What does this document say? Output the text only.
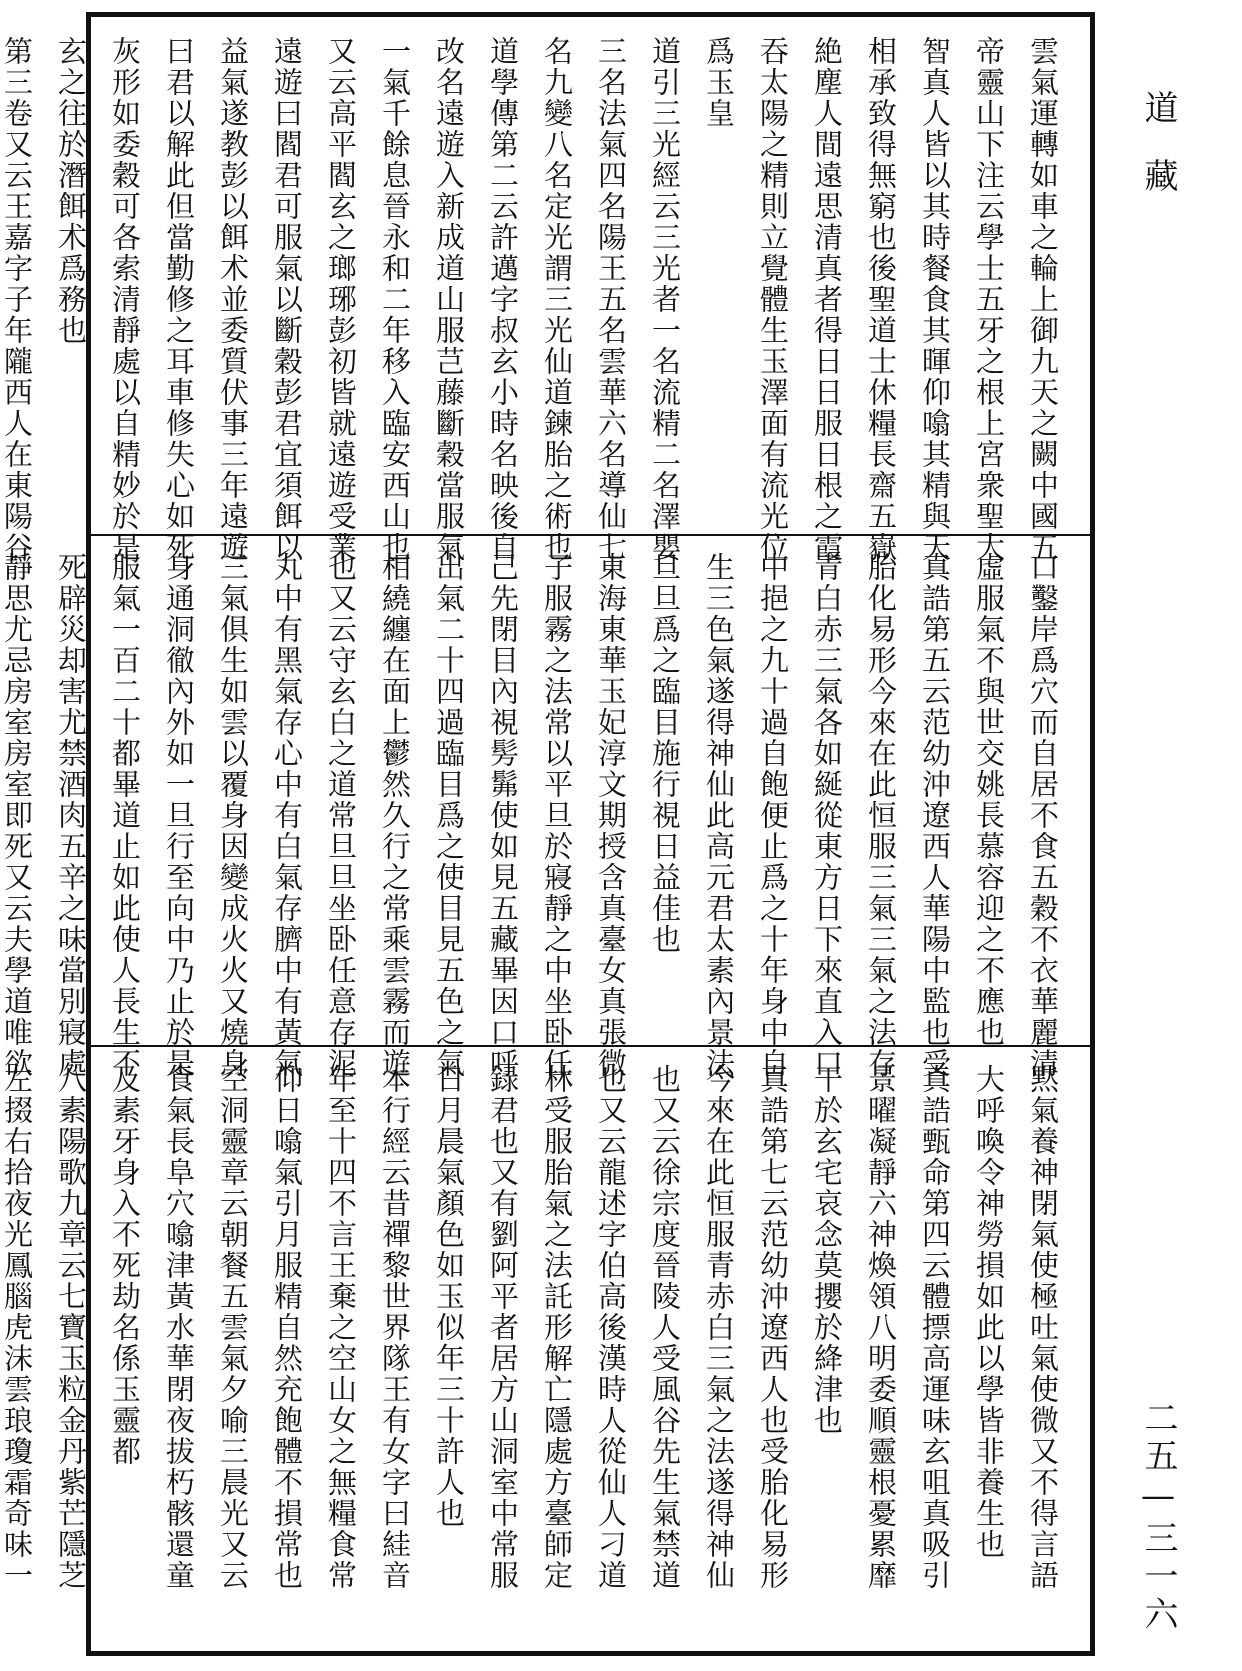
雲氣運轉如車之輪上御九天之闕中國五
帝靈山下注云學士五牙之根上宮衆聖大
智真人皆以其時餐食其暉仰噏其精與天
相承致得無窮也後聖道士休糧長齋五嶽
絶塵人間遠思清真者得日日服日根之霞
吞太陽之精則立覺體生玉澤面有流光位
爲玉皇
道引三光經云三光者一名流精二名澤嬰
三名法氣四名陽王五名雲華六名導仙七
名九變八名定光謂三光仙道鍊胎之術也
道學傳第二云許邁字叔玄小時名映後自
改名遠遊入新成道山服芑藤斷穀當服氣
一氣千餘息晉永和二年移入臨安西山也
又云高平閻玄之瑯琊彭初皆就遠遊受業
遠遊曰閻君可服氣以斷穀彭君宜須餌以
益氣遂教彭以餌术並委質伏事三年遠遊
曰君以解此但當勤修之耳車修失心如死
灰形如委穀可各索清靜處以自精妙於是
玄之往於潛餌术爲務也
第三卷又云王嘉字子年隴西人在東陽谷
口鑿岸爲穴而自居不食五穀不衣華麗清
虛服氣不與世交姚長慕容迎之不應也
真誥第五云范幼沖遼西人華陽中監也受
胎化易形今來在此恒服三氣三氣之法存
青白赤三氣各如綖從東方日下來直入口
中挹之九十過自飽便止爲之十年身中自
生三色氣遂得神仙此高元君太素內景法
旦旦爲之臨目施行視日益佳也
東海東華玉妃淳文期授含真臺女真張微
子服霧之法常以平旦於寢靜之中坐卧任
己先閉目內視髣髴使如見五藏畢因口呼
出氣二十四過臨目爲之使目見五色之氣
相繞纏在面上鬱然久行之常乘雲霧而遊
也又云守玄白之道常旦旦坐卧任意存泥
丸中有黑氣存心中有白氣存臍中有黃氣
三氣俱生如雲以覆身因變成火火又燒身
身通洞徹內外如一旦行至向中乃止於是
服氣一百二十都畢道止如此使人長生不
死辟災却害尤禁酒肉五辛之味當別寢處
靜思尤忌房室房室即死又云夫學道唯欲
黙氣養神閉氣使極吐氣使微又不得言語
大呼喚令神勞損如此以學皆非養生也
真誥甄命第四云體摽高運味玄咀真吸引
景曜凝靜六神煥領八明委順靈根憂累靡
干於玄宅哀念莫攖於絳津也
真誥第七云范幼沖遼西人也受胎化易形
今來在此恒服青赤白三氣之法遂得神仙
也又云徐宗度晉陵人受風谷先生氣禁道
也又云龍述字伯高後漢時人從仙人刁道
林受服胎氣之法託形解亡隱處方臺師定
録君也又有劉阿平者居方山洞室中常服
日月晨氣顏色如玉似年三十許人也
本行經云昔禪黎世界隊王有女字曰絓音
年至十四不言王棄之空山女之無糧食常
仰日噏氣引月服精自然充飽體不損常也
空洞靈章云朝餐五雲氣夕喻三晨光又云
食氣長阜穴噏津黃水華閉夜拔朽骸還童
及素牙身入不死劫名係玉靈都
八素陽歌九章云七寶玉粒金丹紫芒隱芝
左掇右拾夜光鳳腦虎沫雲琅瓊霜奇味一
道藏
二五—三一六
